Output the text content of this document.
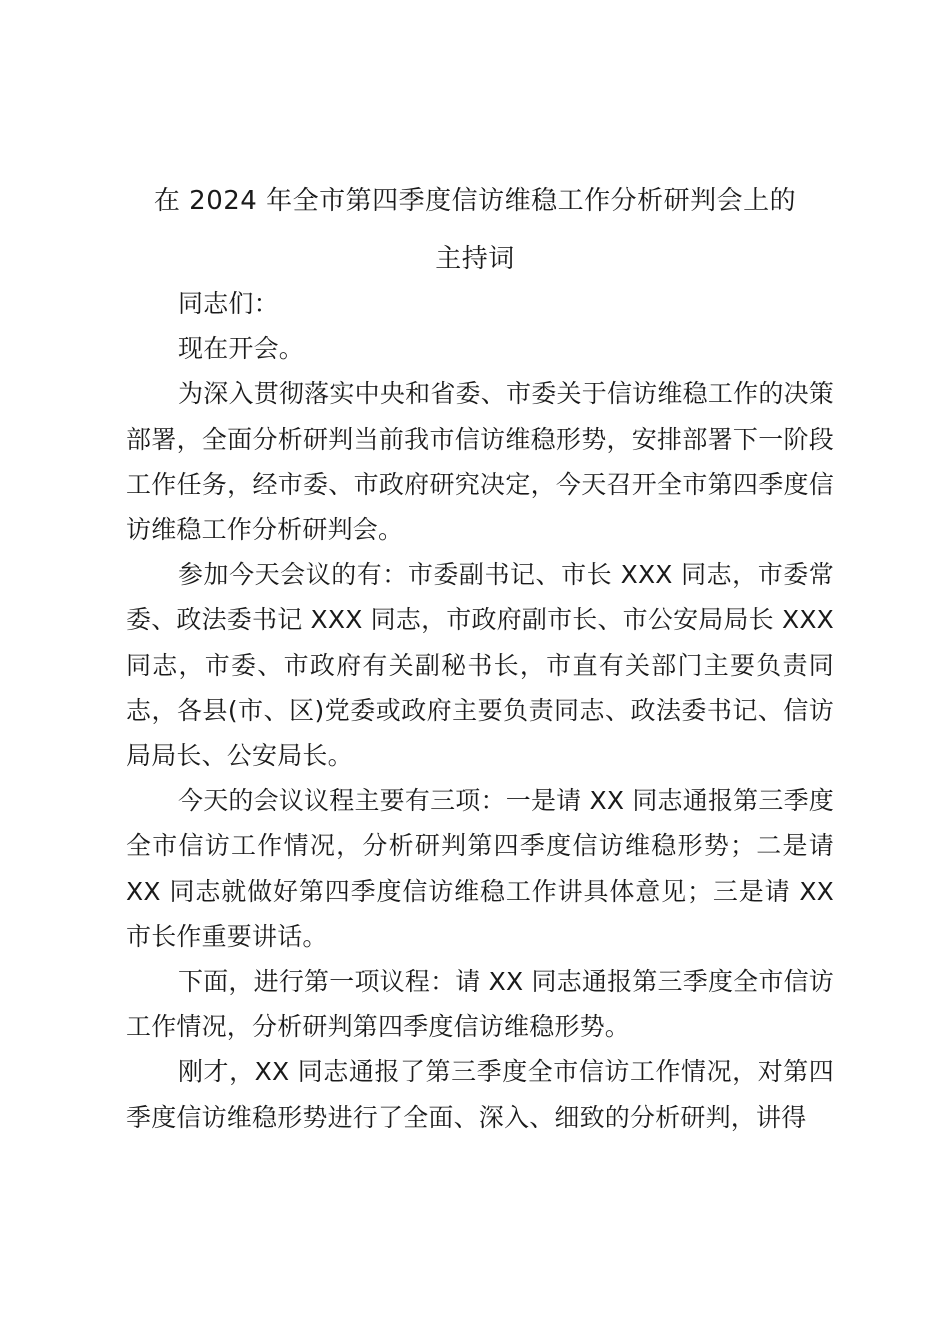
在 2024 年全市第四季度信访维稳工作分析研判会上的
主持词

同志们：

现在开会。

为深入贯彻落实中央和省委、市委关于信访维稳工作的决策部署，全面分析研判当前我市信访维稳形势，安排部署下一阶段工作任务，经市委、市政府研究决定，今天召开全市第四季度信访维稳工作分析研判会。

参加今天会议的有：市委副书记、市长 XXX 同志，市委常委、政法委书记 XXX 同志，市政府副市长、市公安局局长 XXX 同志，市委、市政府有关副秘书长，市直有关部门主要负责同志，各县(市、区)党委或政府主要负责同志、政法委书记、信访局局长、公安局长。

今天的会议议程主要有三项：一是请 XX 同志通报第三季度全市信访工作情况，分析研判第四季度信访维稳形势；二是请 XX 同志就做好第四季度信访维稳工作讲具体意见；三是请 XX 市长作重要讲话。

下面，进行第一项议程：请 XX 同志通报第三季度全市信访工作情况，分析研判第四季度信访维稳形势。

刚才，XX 同志通报了第三季度全市信访工作情况，对第四季度信访维稳形势进行了全面、深入、细致的分析研判，讲得
